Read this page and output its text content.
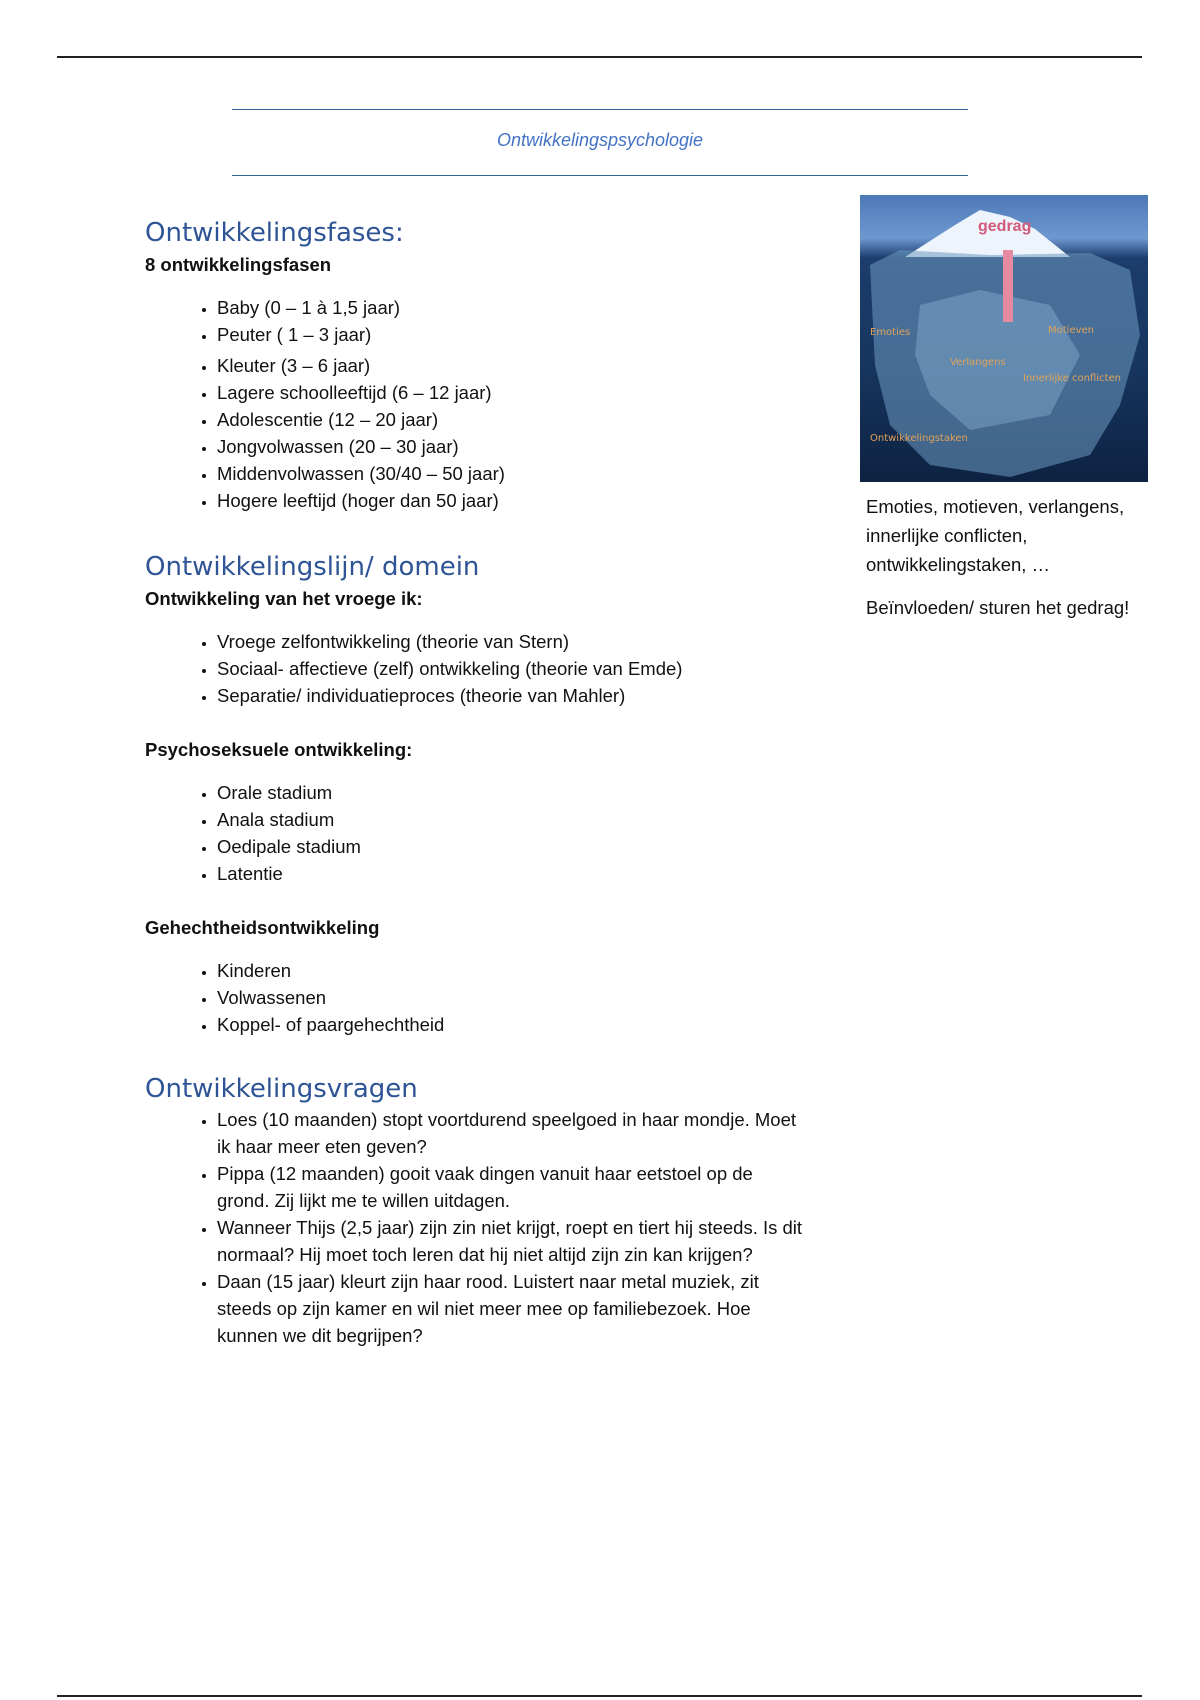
Ontwikkelingspsychologie
Ontwikkelingsfases:

8 ontwikkelingsfasen

• Baby (0 – 1 à 1,5 jaar)
• Peuter ( 1 – 3 jaar)
• Kleuter (3 – 6 jaar)
• Lagere schoolleeftijd (6 – 12 jaar)
• Adolescentie (12 – 20 jaar)
• Jongvolwassen (20 – 30 jaar)
• Middenvolwassen (30/40 – 50 jaar)
• Hogere leeftijd (hoger dan 50 jaar)
Ontwikkelingslijn/ domein

Ontwikkeling van het vroege ik:

• Vroege zelfontwikkeling (theorie van Stern)
• Sociaal- affectieve (zelf) ontwikkeling (theorie van Emde)
• Separatie/ individuatieproces (theorie van Mahler)

Psychoseksuele ontwikkeling:

• Orale stadium
• Anala stadium
• Oedipale stadium
• Latentie

Gehechtheidsontwikkeling

• Kinderen
• Volwassenen
• Koppel- of paargehechtheid
Ontwikkelingsvragen
• Loes (10 maanden) stopt voortdurend speelgoed in haar mondje. Moet ik haar meer eten geven?
• Pippa (12 maanden) gooit vaak dingen vanuit haar eetstoel op de grond. Zij lijkt me te willen uitdagen.
• Wanneer Thijs (2,5 jaar) zijn zin niet krijgt, roept en tiert hij steeds. Is dit normaal? Hij moet toch leren dat hij niet altijd zijn zin kan krijgen?
• Daan (15 jaar) kleurt zijn haar rood. Luistert naar metal muziek, zit steeds op zijn kamer en wil niet meer mee op familiebezoek. Hoe kunnen we dit begrijpen?
gedrag
Emoties	Motieven
Verlangens
Innerlijke conflicten
Ontwikkelingstaken

Emoties, motieven, verlangens, innerlijke conflicten, ontwikkelingstaken, …

Beïnvloeden/ sturen het gedrag!
